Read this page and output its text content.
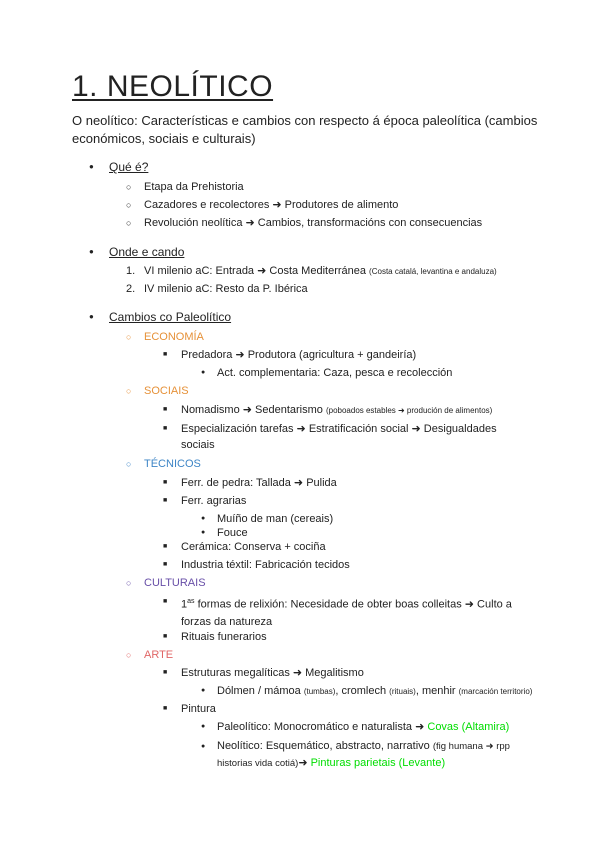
1. NEOLÍTICO
O neolítico: Características e cambios con respecto á época paleolítica (cambios económicos, sociais e culturais)
● Qué é?
○ Etapa da Prehistoria
○ Cazadores e recolectores ➜ Produtores de alimento
○ Revolución neolítica ➜ Cambios, transformacións con consecuencias
● Onde e cando
1. VI milenio aC: Entrada ➜ Costa Mediterránea (Costa catalá, levantina e andaluza)
2. IV milenio aC: Resto da P. Ibérica
● Cambios co Paleolítico
○ ECONOMÍA
■ Predadora ➜ Produtora (agricultura + gandeiría)
● Act. complementaria: Caza, pesca e recolección
○ SOCIAIS
■ Nomadismo ➜ Sedentarismo (poboados estables ➜ produción de alimentos)
■ Especialización tarefas ➜ Estratificación social ➜ Desigualdades sociais
○ TÉCNICOS
■ Ferr. de pedra: Tallada ➜ Pulida
■ Ferr. agrarias
● Muíño de man (cereais)
● Fouce
■ Cerámica: Conserva + cociña
■ Industria téxtil: Fabricación tecidos
○ CULTURAIS
■ $1^{as}$ formas de relixión: Necesidade de obter boas colleitas ➜ Culto a forzas da natureza
■ Rituais funerarios
○ ARTE
■ Estruturas megalíticas ➜ Megalitismo
● Dólmen / mámoa (tumbas), cromlech (rituais), menhir (marcación territorio)
■ Pintura
● Paleolítico: Monocromático e naturalista ➜ Covas (Altamira)
● Neolítico: Esquemático, abstracto, narrativo (fig humana ➜ rpp historias vida cotiá)➜ Pinturas parietais (Levante)
